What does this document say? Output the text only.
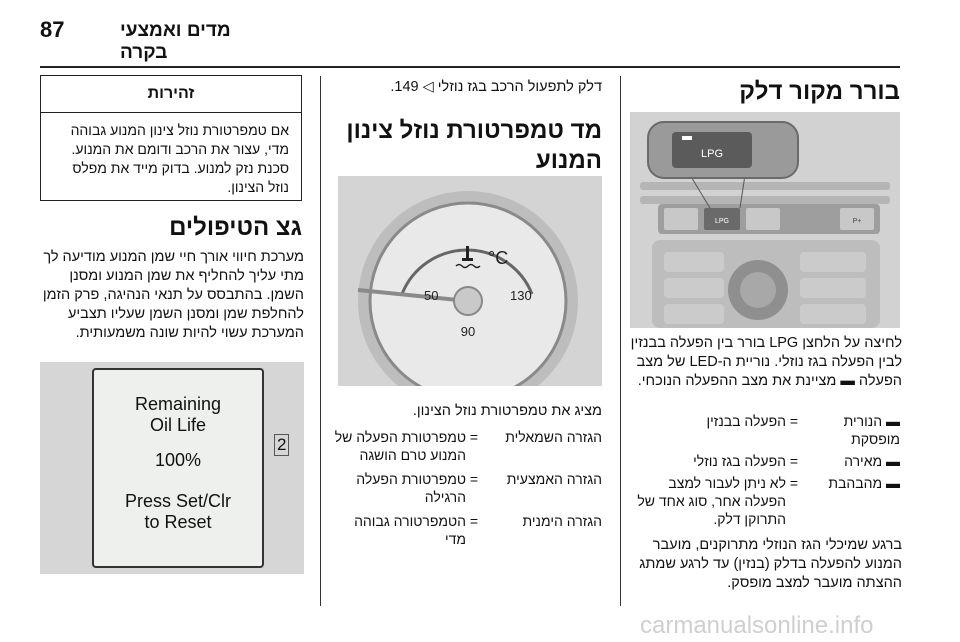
מדים ואמצעי בקרה
87
בורר מקור דלק
LPG	P+
LPG
לחיצה על הלחצן LPG בורר בין הפעלה בבנזין לבין הפעלה בגז נוזלי. נוריית ה-LED של מצב הפעלה ▬ מציינת את מצב ההפעלה הנוכחי.
▬ הנורית מופסקת
=
הפעלה בבנזין
▬ מאירה
=
הפעלה בגז נוזלי
▬ מהבהבת
=
לא ניתן לעבור למצב הפעלה אחר, סוג אחד של התרוקן דלק.
ברגע שמיכלי הגז הנוזלי מתרוקנים, מועבר המנוע להפעלה בדלק (בנזין) עד לרגע שמתג ההצתה מועבר למצב מופסק.
דלק לתפעול הרכב בגז נוזלי ◁ 149.
מד טמפרטורת נוזל צינון המנוע
50
90
130
°C
מציג את טמפרטורת נוזל הצינון.
הגזרה השמאלית
=
טמפרטורת הפעלה של המנוע טרם הושגה
הגזרה האמצעית
=
טמפרטורת הפעלה הרגילה
הגזרה הימנית
=
הטמפרטורה גבוהה מדי
זהירות
אם טמפרטורת נוזל צינון המנוע גבוהה מדי, עצור את הרכב ודומם את המנוע. סכנת נזק למנוע. בדוק מייד את מפלס נוזל הצינון.
גצ הטיפולים
מערכת חיווי אורך חיי שמן המנוע מודיעה לך מתי עליך להחליף את שמן המנוע ומסנן השמן. בהתבסס על תנאי הנהיגה, פרק הזמן להחלפת שמן ומסנן השמן שעליו תצביע המערכת עשוי להיות שונה משמעותית.
Remaining
Oil Life
100%
Press Set/Clr
to Reset
2
carmanualsonline.info
